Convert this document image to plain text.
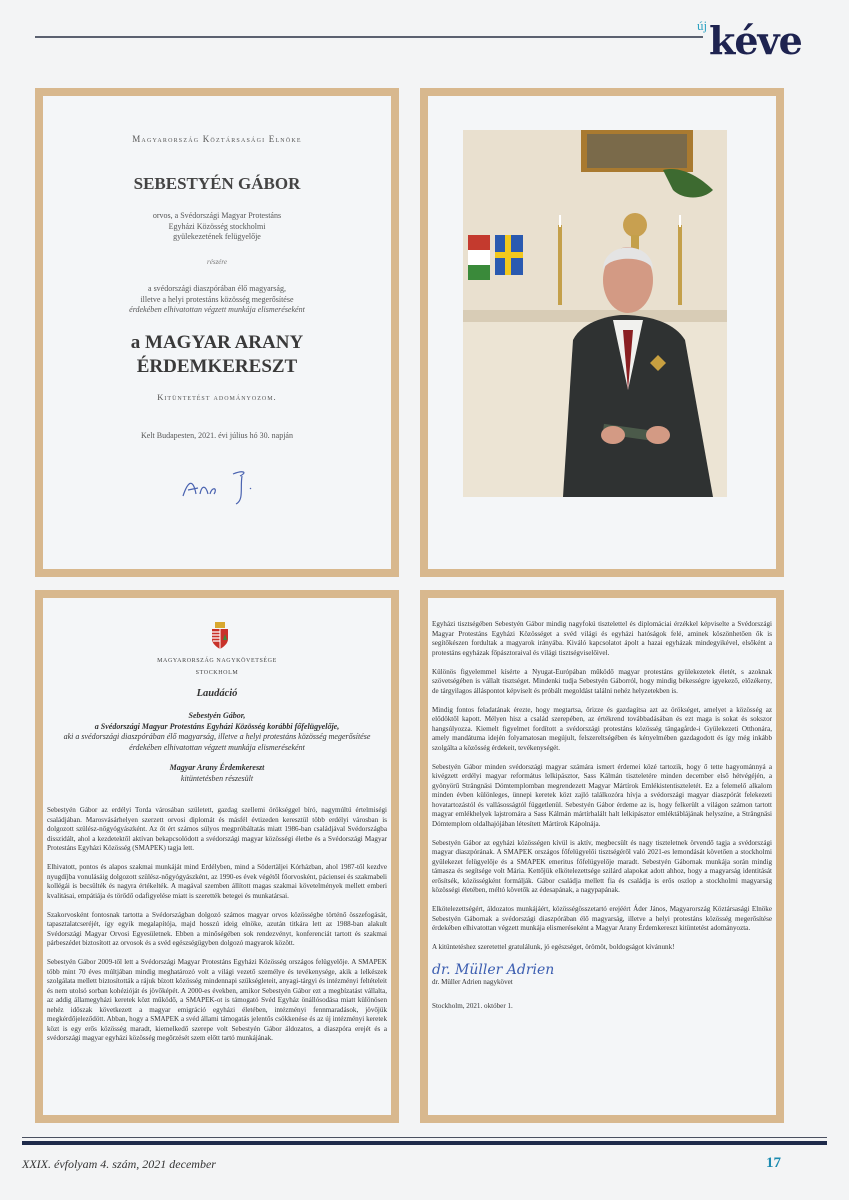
új kéve
Magyarország Köztársasági Elnöke
SEBESTYÉN GÁBOR
orvos, a Svédországi Magyar Protestáns
Egyházi Közösség stockholmi
gyülekezetének felügyelője
részére
a svédországi diaszpórában élő magyarság,
illetve a helyi protestáns közösség megerősítése
érdekében elhivatottan végzett munkája elismeréseként
a MAGYAR ARANY
ÉRDEMKERESZT
Kitüntetést adományozom.
Kelt Budapesten, 2021. évi július hó 30. napján
MAGYARORSZÁG NAGYKÖVETSÉGE
STOCKHOLM
Laudáció
Sebestyén Gábor,
a Svédországi Magyar Protestáns Egyházi Közösség korábbi főfelügyelője,
aki a svédországi diaszpórában élő magyarság, illetve a helyi protestáns közösség megerősítése érdekében elhivatottan végzett munkája elismeréseként
Magyar Arany Érdemkereszt
kitüntetésben részesült

Sebestyén Gábor az erdélyi Torda városában született, gazdag szellemi örökséggel bíró, nagymúltú értelmiségi családjában. Marosvásárhelyen szerzett orvosi diplomát és másfél évtizeden keresztül több erdélyi városban is dolgozott szülész-nőgyógyászként. Az őt ért számos súlyos megpróbáltatás miatt 1986-ban családjával Svédországba disszidált, ahol a kezdetektől aktívan bekapcsolódott a svédországi magyar közösségi életbe és a Svédországi Magyar Protestáns Egyházi Közösség (SMAPEK) tagja lett.

Elhivatott, pontos és alapos szakmai munkáját mind Erdélyben, mind a Södertäljei Kórházban, ahol 1987-től kezdve nyugdíjba vonulásáig dolgozott szülész-nőgyógyászként, az 1990-es évek végétől főorvosként, páciensei és szakmabeli kollégái is becsülték és nagyra értékelték. A magával szemben állított magas szakmai követelmények mellett emberi kvalitásai, empátiája és törődő odafigyelése miatt is szerették betegei és munkatársai.

Szakorvosként fontosnak tartotta a Svédországban dolgozó számos magyar orvos közösségbe történő összefogását, tapasztalatcseréjét, így egyik megalapítója, majd hosszú ideig elnöke, azután titkára lett az 1988-ban alakult Svédországi Magyar Orvosi Egyesületnek. Ebben a minőségében sok rendezvényt, konferenciát tartott és szakmai párbeszédet biztosított az orvosok és a svéd egészségügyben dolgozó magyarok között.

Sebestyén Gábor 2009-től lett a Svédországi Magyar Protestáns Egyházi Közösség országos felügyelője. A SMAPEK több mint 70 éves múltjában mindig meghatározó volt a világi vezető személye és tevékenysége, akik a lelkészek szolgálata mellett biztosították a rájuk bízott közösség mindennapi szükségleteit, anyagi-tárgyi és intézményi feltételeit és nem utolsó sorban kohézióját és jövőképét. A 2000-es években, amikor Sebestyén Gábor ezt a megbízatást vállalta, az addig államegyházi keretek közt működő, a SMAPEK-ot is támogató Svéd Egyház önállósodása miatt különösen nehéz időszak következett a magyar emigráció egyházi életében, intézményi fennmaradások, jövőjük megkérdőjeleződött. Abban, hogy a SMAPEK a svéd állami támogatás jelentős csökkenése és az új intézményi keretek közt is egy erős közösség maradt, kiemelkedő szerepe volt Sebestyén Gábor áldozatos, a diaszpóra erejét és a svédországi magyar egyházi közösség megőrzését szem előtt tartó munkájának.

Egyházi tisztségében Sebestyén Gábor mindig nagyfokú tisztelettel és diplomáciai érzékkel képviselte a Svédországi Magyar Protestáns Egyházi Közösséget a svéd világi és egyházi hatóságok felé, aminek köszönhetően ők is segítőkészen fordultak a magyarok irányába. Kiváló kapcsolatot ápolt a hazai egyházak mindegyikével, elsőként a protestáns egyházak főpásztoraival és világi tisztségviselőivel.

Különös figyelemmel kísérte a Nyugat-Európában működő magyar protestáns gyülekezetek életét, s azoknak szövetségében is vállalt tisztséget. Mindenki tudja Sebestyén Gáborról, hogy mindig békességre igyekező, előzékeny, de tárgyilagos álláspontot képviselt és próbált megoldást találni nehéz helyzetekben is.

Mindig fontos feladatának érezte, hogy megtartsa, őrizze és gazdagítsa azt az örökséget, amelyet a közösség az elődöktől kapott. Mélyen hisz a család szerepében, az értékrend továbbadásában és ezt maga is sokat és sokszor hangsúlyozza. Kiemelt figyelmet fordított a svédországi protestáns közösség tängagårde-i Gyülekezeti Otthonára, amely mandátuma idején folyamatosan megújult, felszereltségében és kényelmében gazdagodott és így még inkább szolgálta a közösség érdekeit, tevékenységét.

Sebestyén Gábor minden svédországi magyar számára ismert érdemei közé tartozik, hogy ő tette hagyománnyá a kivégzett erdélyi magyar református lelkipásztor, Sass Kálmán tiszteletére minden december első hétvégéjén, a gyönyörű Strängnäsi Dómtemplomban megrendezett Magyar Mártírok Emlékistentiszteletét. Ez a felemelő alkalom minden évben különleges, ünnepi keretek közt zajló találkozóra hívja a svédországi magyar diaszpórát felekezeti hovatartozástól és vallásosságtól függetlenül. Sebestyén Gábor érdeme az is, hogy felkerült a világon számon tartott magyar emlékhelyek lajstromára a Sass Kálmán mártírhalált halt lelkipásztor emléktáblájának helyszíne, a Strängnäsi Dómtemplom oldalhajójában létesített Mártírok Kápolnája.

Sebestyén Gábor az egyházi közösségen kívül is aktív, megbecsült és nagy tiszteletnek örvendő tagja a svédországi magyar diaszpórának. A SMAPEK országos főfelügyelői tisztségéről való 2021-es lemondását követően a stockholmi gyülekezet felügyelője és a SMAPEK emeritus főfelügyelője maradt. Sebestyén Gábornak munkája során mindig támasza és segítsége volt Mária. Kettőjük elkötelezettsége szilárd alapokat adott ahhoz, hogy a magyarság identitását erősítsék, közösségként formálják. Gábor családja mellett fia és családja is erős oszlop a stockholmi magyarság közösségi életében, méltó követők az édesapának, a nagypapának.

Elkötelezettségért, áldozatos munkájáért, közösségösszetartó erejéért Áder János, Magyarország Köztársasági Elnöke Sebestyén Gábornak a svédországi diaszpórában élő magyarság, illetve a helyi protestáns közösség megerősítése érdekében elhivatottan végzett munkája elismeréseként a Magyar Arany Érdemkereszt kitüntetést adományozta.

A kitüntetéshez szeretettel gratulálunk, jó egészséget, örömöt, boldogságot kívánunk!

dr. Müller Adrien
dr. Müller Adrien nagykövet
Stockholm, 2021. október 1.
XXIX. évfolyam 4. szám, 2021 december	17
